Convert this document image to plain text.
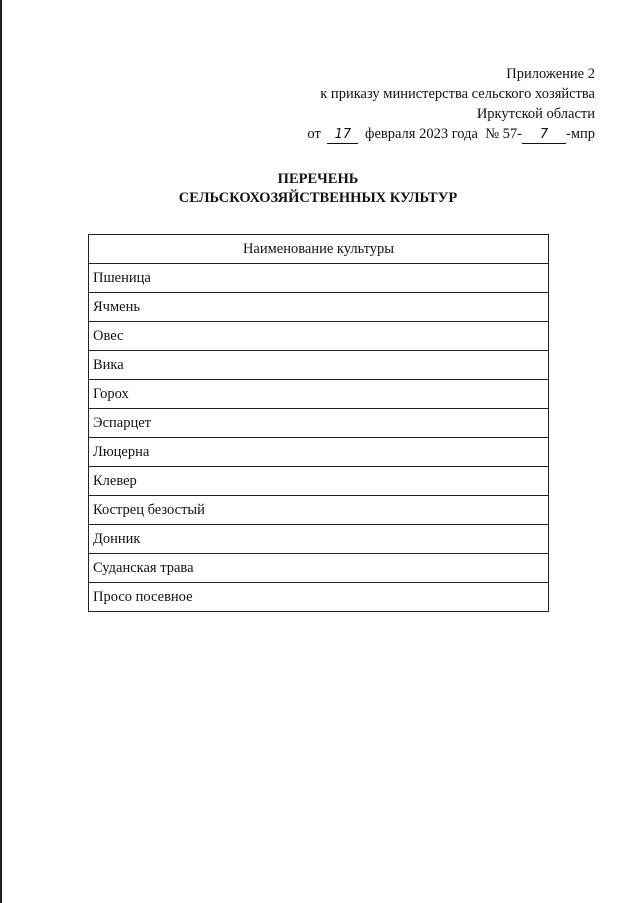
Приложение 2
к приказу министерства сельского хозяйства
Иркутской области
от 17 февраля 2023 года № 57- 7 -мпр
ПЕРЕЧЕНЬ
СЕЛЬСКОХОЗЯЙСТВЕННЫХ КУЛЬТУР
Наименование культуры
Пшеница
Ячмень
Овес
Вика
Горох
Эспарцет
Люцерна
Клевер
Кострец безостый
Донник
Суданская трава
Просо посевное
